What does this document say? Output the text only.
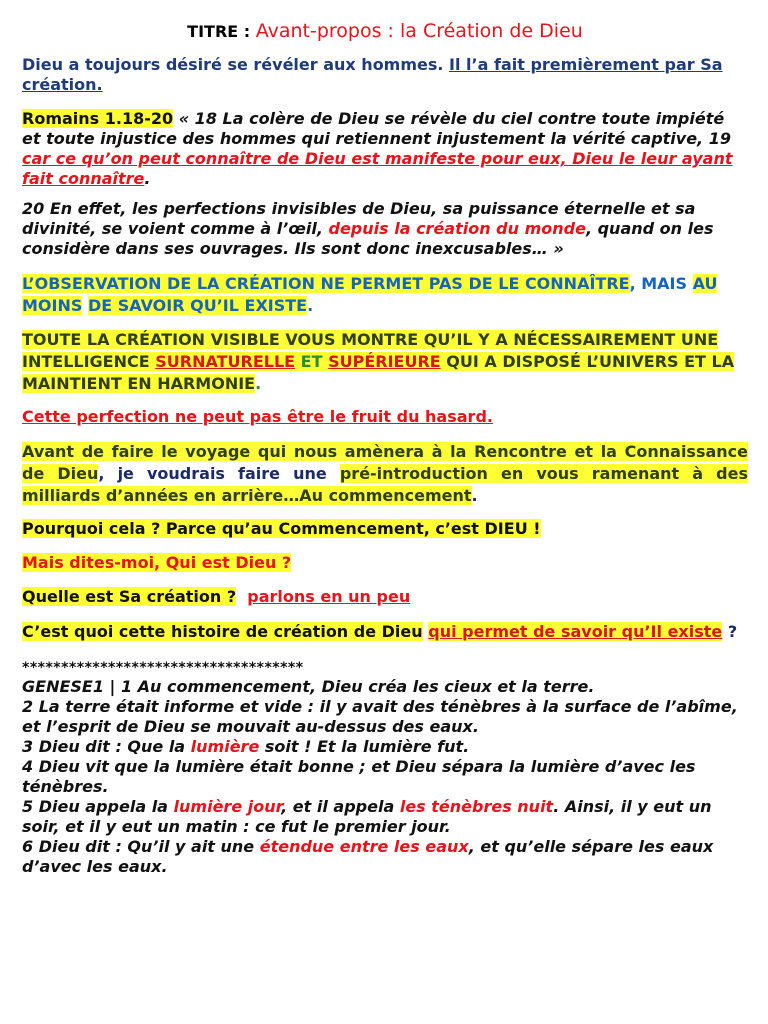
TITRE : Avant-propos : la Création de Dieu

Dieu a toujours désiré se révéler aux hommes. Il l’a fait premièrement par Sa création.

Romains 1.18-20 « 18 La colère de Dieu se révèle du ciel contre toute impiété et toute injustice des hommes qui retiennent injustement la vérité captive, 19 car ce qu’on peut connaître de Dieu est manifeste pour eux, Dieu le leur ayant fait connaître.

20 En effet, les perfections invisibles de Dieu, sa puissance éternelle et sa divinité, se voient comme à l’œil, depuis la création du monde, quand on les considère dans ses ouvrages. Ils sont donc inexcusables… »

L’OBSERVATION DE LA CRÉATION NE PERMET PAS DE LE CONNAÎTRE, MAIS AU MOINS DE SAVOIR QU’IL EXISTE.

TOUTE LA CRÉATION VISIBLE VOUS MONTRE QU’IL Y A NÉCESSAIREMENT UNE INTELLIGENCE SURNATURELLE ET SUPÉRIEURE QUI A DISPOSÉ L’UNIVERS ET LA MAINTIENT EN HARMONIE.

Cette perfection ne peut pas être le fruit du hasard.

Avant de faire le voyage qui nous amènera à la Rencontre et la Connaissance de Dieu, je voudrais faire une pré-introduction en vous ramenant à des milliards d’années en arrière…Au commencement.

Pourquoi cela ? Parce qu’au Commencement, c’est DIEU !

Mais dites-moi, Qui est Dieu ?

Quelle est Sa création ? parlons en un peu

C’est quoi cette histoire de création de Dieu qui permet de savoir qu’Il existe ?

************************************

GENESE1 | 1 Au commencement, Dieu créa les cieux et la terre.

2 La terre était informe et vide : il y avait des ténèbres à la surface de l’abîme, et l’esprit de Dieu se mouvait au-dessus des eaux.

3 Dieu dit : Que la lumière soit ! Et la lumière fut.

4 Dieu vit que la lumière était bonne ; et Dieu sépara la lumière d’avec les ténèbres.

5 Dieu appela la lumière jour, et il appela les ténèbres nuit. Ainsi, il y eut un soir, et il y eut un matin : ce fut le premier jour.

6 Dieu dit : Qu’il y ait une étendue entre les eaux, et qu’elle sépare les eaux d’avec les eaux.
